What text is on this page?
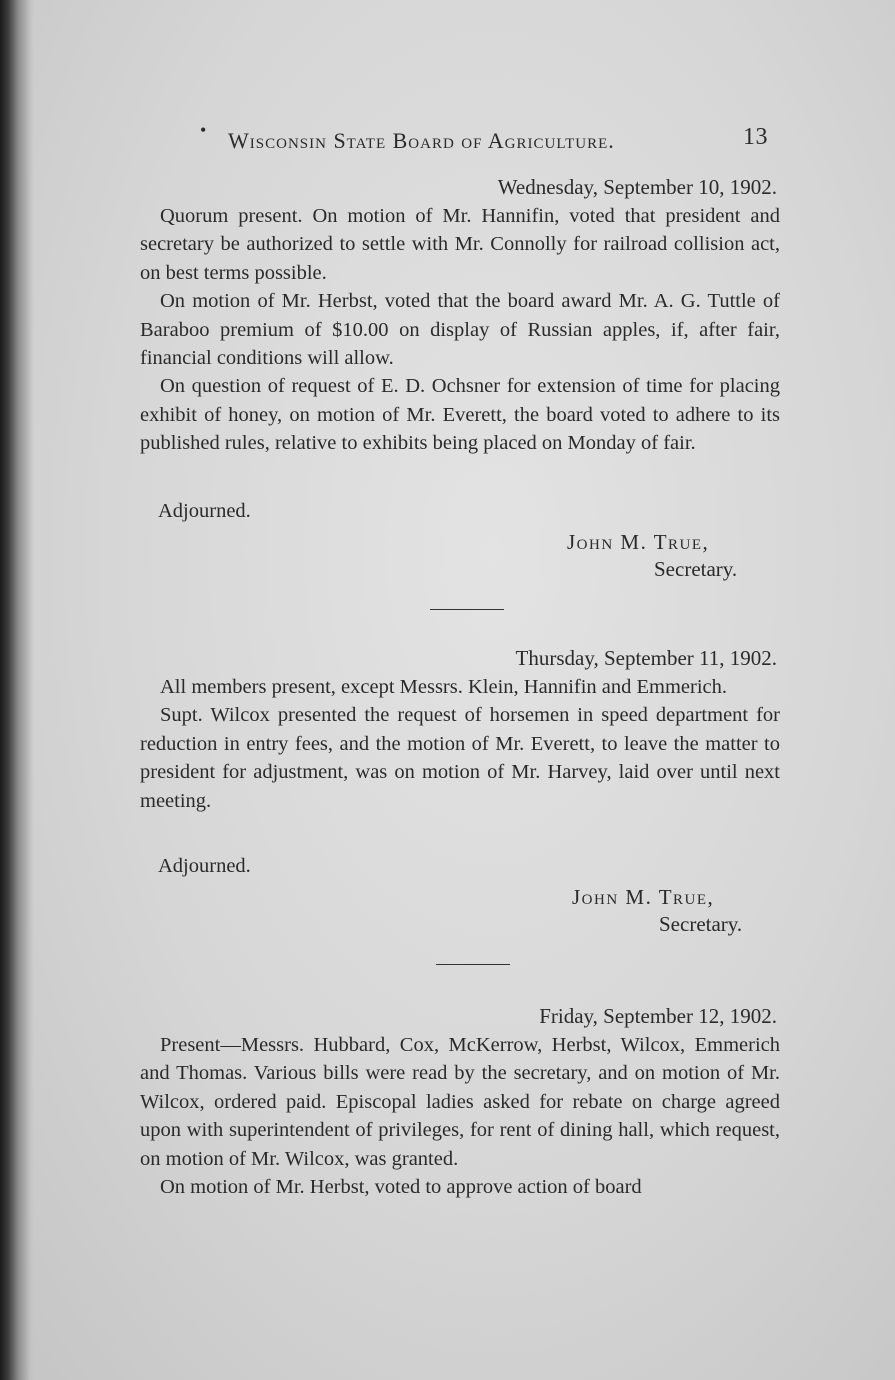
• Wisconsin State Board of Agriculture.	13
Wednesday, September 10, 1902.

Quorum present. On motion of Mr. Hannifin, voted that president and secretary be authorized to settle with Mr. Connolly for railroad collision act, on best terms possible.

On motion of Mr. Herbst, voted that the board award Mr. A. G. Tuttle of Baraboo premium of $10.00 on display of Russian apples, if, after fair, financial conditions will allow.

On question of request of E. D. Ochsner for extension of time for placing exhibit of honey, on motion of Mr. Everett, the board voted to adhere to its published rules, relative to exhibits being placed on Monday of fair.

Adjourned.
John M. True,
Secretary.
Thursday, September 11, 1902.

All members present, except Messrs. Klein, Hannifin and Emmerich.

Supt. Wilcox presented the request of horsemen in speed department for reduction in entry fees, and the motion of Mr. Everett, to leave the matter to president for adjustment, was on motion of Mr. Harvey, laid over until next meeting.

Adjourned.
John M. True,
Secretary.
Friday, September 12, 1902.

Present—Messrs. Hubbard, Cox, McKerrow, Herbst, Wilcox, Emmerich and Thomas. Various bills were read by the secretary, and on motion of Mr. Wilcox, ordered paid. Episcopal ladies asked for rebate on charge agreed upon with superintendent of privileges, for rent of dining hall, which request, on motion of Mr. Wilcox, was granted.

On motion of Mr. Herbst, voted to approve action of board
